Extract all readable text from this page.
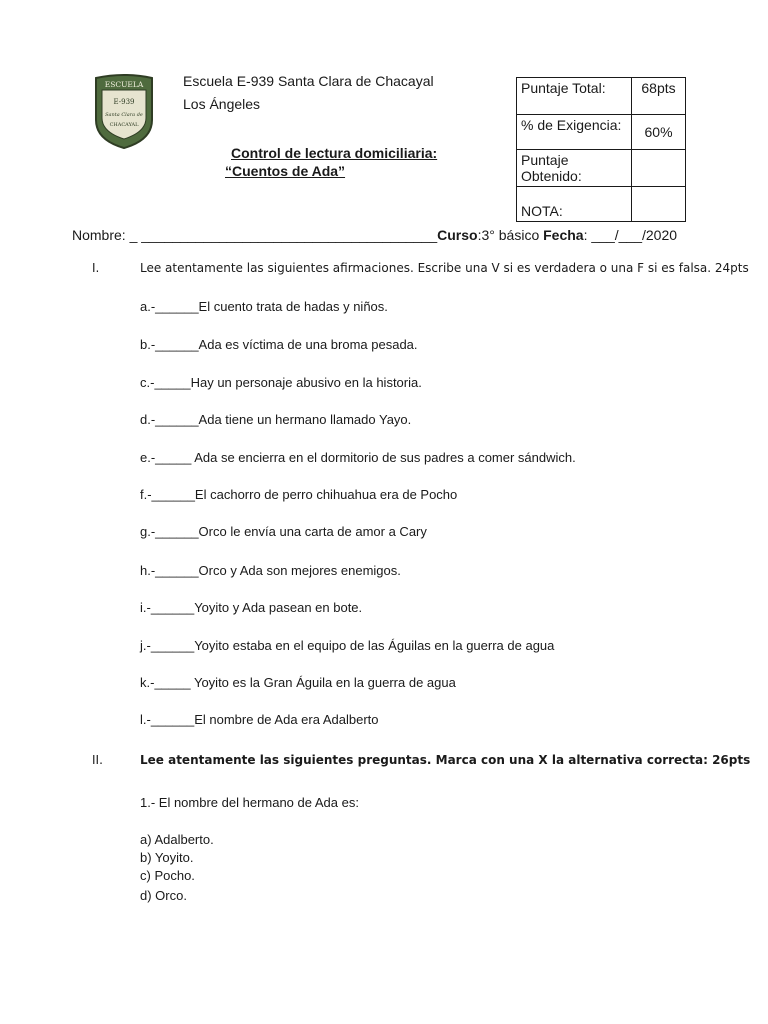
ESCUELA
E-939
Santa Clara de
CHACAYAL
Escuela E-939 Santa Clara de Chacayal
Los Ángeles
Control de lectura domiciliaria:
“Cuentos de Ada”
Puntaje Total:	68pts
% de Exigencia:	60%
Puntaje Obtenido:	
NOTA:	
Nombre: _ ______________________________________Curso:3° básico Fecha: ___/___/2020
I.	Lee atentamente las siguientes afirmaciones. Escribe una V si es verdadera o una F si es falsa. 24pts
a.-______El cuento trata de hadas y niños.
b.-______Ada es víctima de una broma pesada.
c.-_____Hay un personaje abusivo en la historia.
d.-______Ada tiene un hermano llamado Yayo.
e.-_____ Ada se encierra en el dormitorio de sus padres a comer sándwich.
f.-______El cachorro de perro chihuahua era de Pocho
g.-______Orco le envía una carta de amor a Cary
h.-______Orco y Ada son mejores enemigos.
i.-______Yoyito y Ada pasean en bote.
j.-______Yoyito estaba en el equipo de las Águilas en la guerra de agua
k.-_____ Yoyito es la Gran Águila en la guerra de agua
l.-______El nombre de Ada era Adalberto
II.	Lee atentamente las siguientes preguntas. Marca con una X la alternativa correcta: 26pts
1.- El nombre del hermano de Ada es:
a) Adalberto.
b) Yoyito.
c) Pocho.
d) Orco.
